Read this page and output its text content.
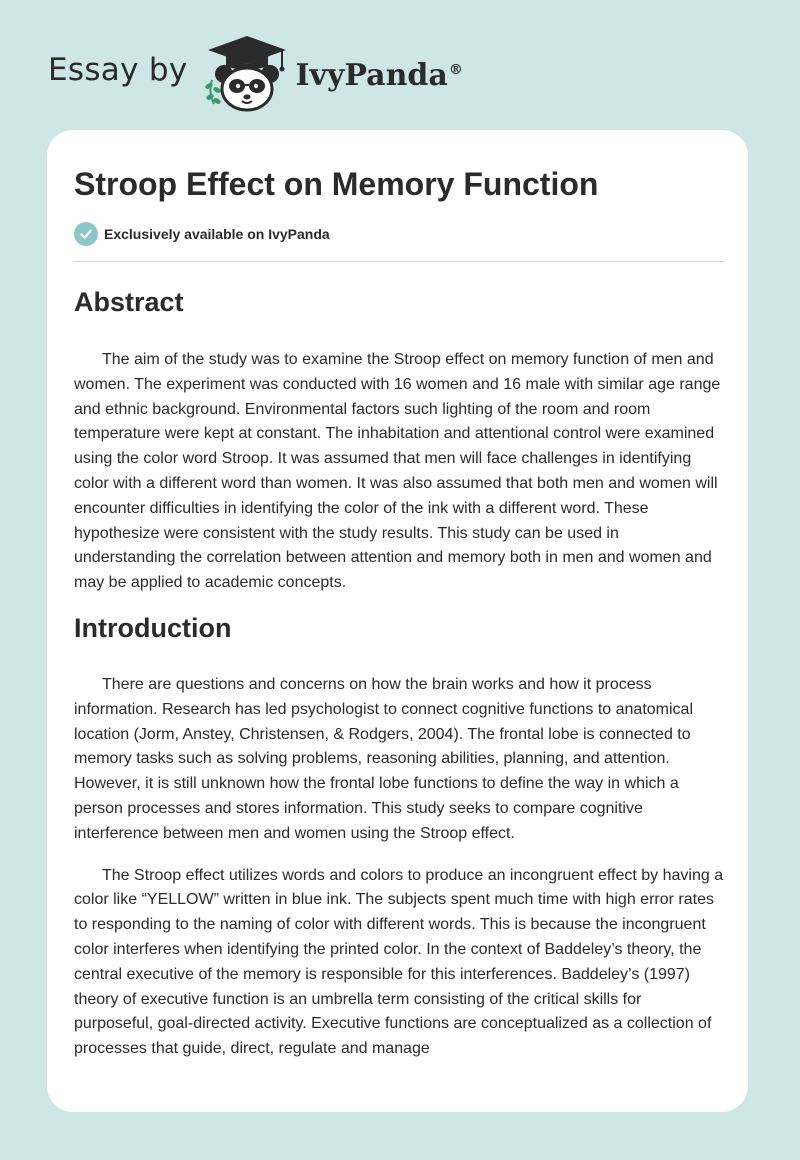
Essay by	IvyPanda®
Stroop Effect on Memory Function
Exclusively available on IvyPanda
Abstract

The aim of the study was to examine the Stroop effect on memory function of men and women. The experiment was conducted with 16 women and 16 male with similar age range and ethnic background. Environmental factors such lighting of the room and room temperature were kept at constant. The inhabitation and attentional control were examined using the color word Stroop. It was assumed that men will face challenges in identifying color with a different word than women. It was also assumed that both men and women will encounter difficulties in identifying the color of the ink with a different word. These hypothesize were consistent with the study results. This study can be used in understanding the correlation between attention and memory both in men and women and may be applied to academic concepts.

Introduction

There are questions and concerns on how the brain works and how it process information. Research has led psychologist to connect cognitive functions to anatomical location (Jorm, Anstey, Christensen, & Rodgers, 2004). The frontal lobe is connected to memory tasks such as solving problems, reasoning abilities, planning, and attention. However, it is still unknown how the frontal lobe functions to define the way in which a person processes and stores information. This study seeks to compare cognitive interference between men and women using the Stroop effect.

The Stroop effect utilizes words and colors to produce an incongruent effect by having a color like “YELLOW” written in blue ink. The subjects spent much time with high error rates to responding to the naming of color with different words. This is because the incongruent color interferes when identifying the printed color. In the context of Baddeley’s theory, the central executive of the memory is responsible for this interferences. Baddeley’s (1997) theory of executive function is an umbrella term consisting of the critical skills for purposeful, goal-directed activity. Executive functions are conceptualized as a collection of processes that guide, direct, regulate and manage
